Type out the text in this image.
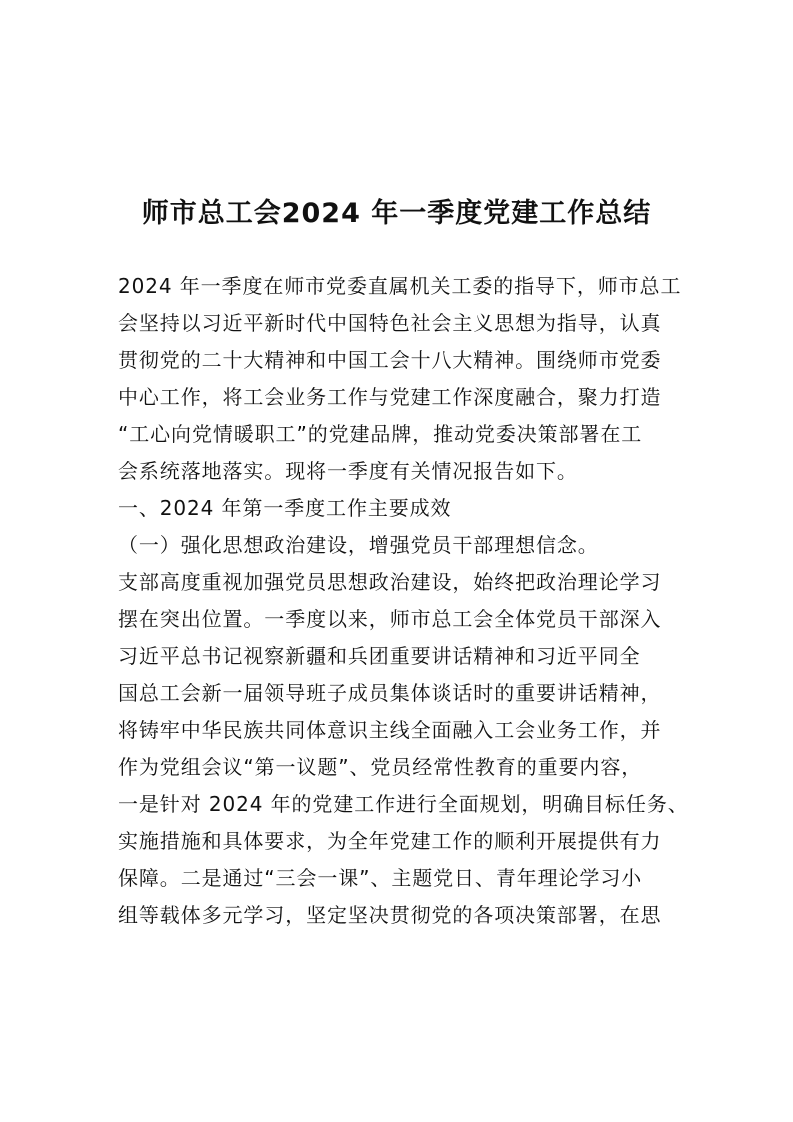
师市总工会2024 年一季度党建工作总结

2024 年一季度在师市党委直属机关工委的指导下，师市总工

会坚持以习近平新时代中国特色社会主义思想为指导，认真

贯彻党的二十大精神和中国工会十八大精神。围绕师市党委

中心工作，将工会业务工作与党建工作深度融合，聚力打造

“工心向党情暖职工”的党建品牌，推动党委决策部署在工

会系统落地落实。现将一季度有关情况报告如下。

一、2024 年第一季度工作主要成效

（一）强化思想政治建设，增强党员干部理想信念。

支部高度重视加强党员思想政治建设，始终把政治理论学习

摆在突出位置。一季度以来，师市总工会全体党员干部深入

习近平总书记视察新疆和兵团重要讲话精神和习近平同全

国总工会新一届领导班子成员集体谈话时的重要讲话精神，

将铸牢中华民族共同体意识主线全面融入工会业务工作，并

作为党组会议“第一议题”、党员经常性教育的重要内容，

一是针对 2024 年的党建工作进行全面规划，明确目标任务、

实施措施和具体要求，为全年党建工作的顺利开展提供有力

保障。二是通过“三会一课”、主题党日、青年理论学习小

组等载体多元学习，坚定坚决贯彻党的各项决策部署，在思
